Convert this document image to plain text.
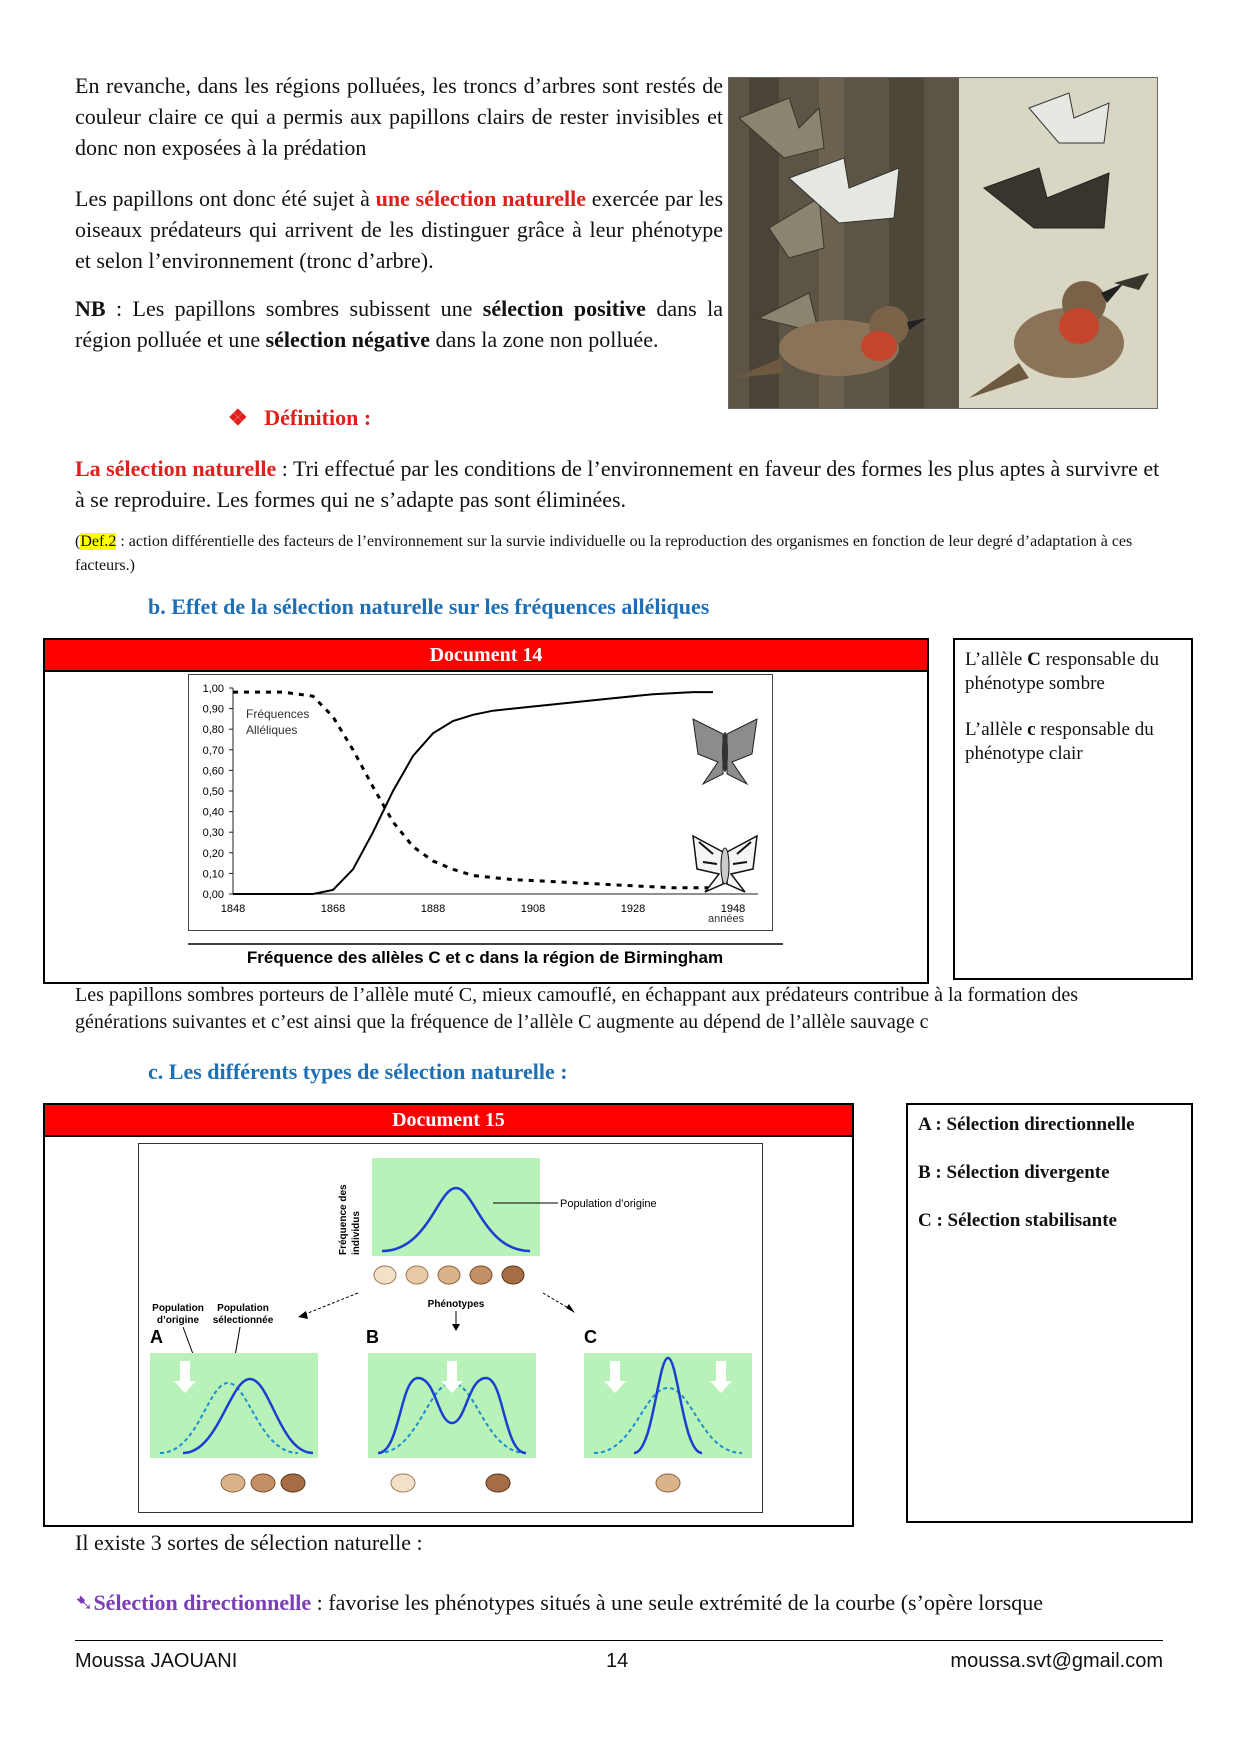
En revanche, dans les régions polluées, les troncs d’arbres sont restés de couleur claire ce qui a permis aux papillons clairs de rester invisibles et donc non exposées à la prédation
Les papillons ont donc été sujet à une sélection naturelle exercée par les oiseaux prédateurs qui arrivent de les distinguer grâce à leur phénotype et selon l’environnement (tronc d’arbre).
NB : Les papillons sombres subissent une sélection positive dans la région polluée et une sélection négative dans la zone non polluée.
❖ Définition :
La sélection naturelle : Tri effectué par les conditions de l’environnement en faveur des formes les plus aptes à survivre et à se reproduire. Les formes qui ne s’adapte pas sont éliminées.
(Def.2 : action différentielle des facteurs de l’environnement sur la survie individuelle ou la reproduction des organismes en fonction de leur degré d’adaptation à ces facteurs.)
b. Effet de la sélection naturelle sur les fréquences alléliques
Document 14
1,00
0,90
0,80
0,70
0,60
0,50
0,40
0,30
0,20
0,10
0,00
1848	1868	1888	1908	1928	1948
Fréquences
Alléliques
années
Fréquence des allèles C et c dans la région de Birmingham
L’allèle C responsable du phénotype sombre
L’allèle c responsable du phénotype clair
Les papillons sombres porteurs de l’allèle muté C, mieux camouflé, en échappant aux prédateurs contribue à la formation des générations suivantes et c’est ainsi que la fréquence de l’allèle C augmente au dépend de l’allèle sauvage c
c. Les différents types de sélection naturelle :
Document 15
Population d’origine
Fréquence des individus
Phénotypes
Population
d’origine
Population
sélectionnée
A	B	C
A : Sélection directionnelle
B : Sélection divergente
C : Sélection stabilisante
Il existe 3 sortes de sélection naturelle :
➷Sélection directionnelle : favorise les phénotypes situés à une seule extrémité de la courbe (s’opère lorsque
Moussa JAOUANI	14	moussa.svt@gmail.com
